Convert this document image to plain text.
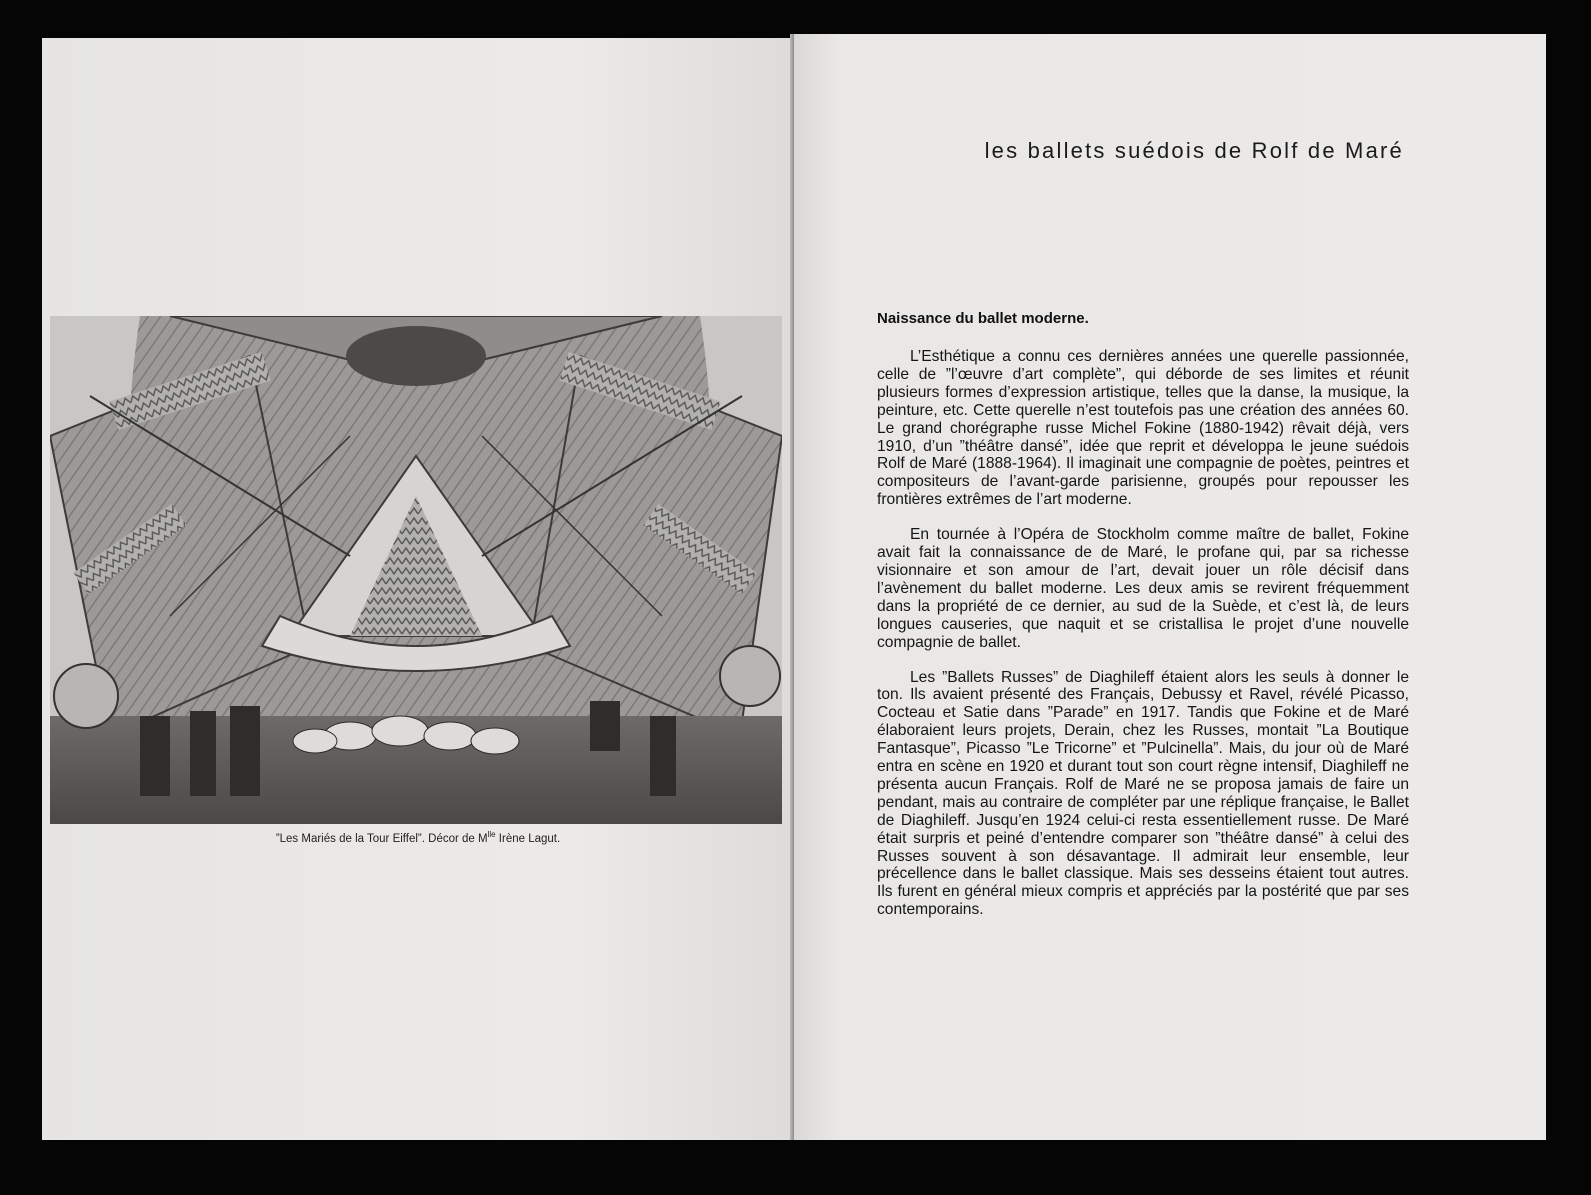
”Les Mariés de la Tour Eiffel”. Décor de $M^{lle}$ Irène Lagut.
les ballets suédois de Rolf de Maré
Naissance du ballet moderne.

L’Esthétique a connu ces dernières années une querelle passionnée, celle de ”l’œuvre d’art complète”, qui déborde de ses limites et réunit plusieurs formes d’expression artistique, telles que la danse, la musique, la peinture, etc. Cette querelle n’est toutefois pas une création des années 60. Le grand chorégraphe russe Michel Fokine (1880-1942) rêvait déjà, vers 1910, d’un ”théâtre dansé”, idée que reprit et développa le jeune suédois Rolf de Maré (1888-1964). Il imaginait une compagnie de poètes, peintres et compositeurs de l’avant-garde parisienne, groupés pour repousser les frontières extrêmes de l’art moderne.

En tournée à l’Opéra de Stockholm comme maître de ballet, Fokine avait fait la connaissance de de Maré, le profane qui, par sa richesse visionnaire et son amour de l’art, devait jouer un rôle décisif dans l’avènement du ballet moderne. Les deux amis se revirent fréquemment dans la propriété de ce dernier, au sud de la Suède, et c’est là, de leurs longues causeries, que naquit et se cristallisa le projet d’une nouvelle compagnie de ballet.

Les ”Ballets Russes” de Diaghileff étaient alors les seuls à donner le ton. Ils avaient présenté des Français, Debussy et Ravel, révélé Picasso, Cocteau et Satie dans ”Parade” en 1917. Tandis que Fokine et de Maré élaboraient leurs projets, Derain, chez les Russes, montait ”La Boutique Fantasque”, Picasso ”Le Tricorne” et ”Pulcinella”. Mais, du jour où de Maré entra en scène en 1920 et durant tout son court règne intensif, Diaghileff ne présenta aucun Français. Rolf de Maré ne se proposa jamais de faire un pendant, mais au contraire de compléter par une réplique française, le Ballet de Diaghileff. Jusqu’en 1924 celui-ci resta essentiellement russe. De Maré était surpris et peiné d’entendre comparer son ”théâtre dansé” à celui des Russes souvent à son désavantage. Il admirait leur ensemble, leur précellence dans le ballet classique. Mais ses desseins étaient tout autres. Ils furent en général mieux compris et appréciés par la postérité que par ses contemporains.
